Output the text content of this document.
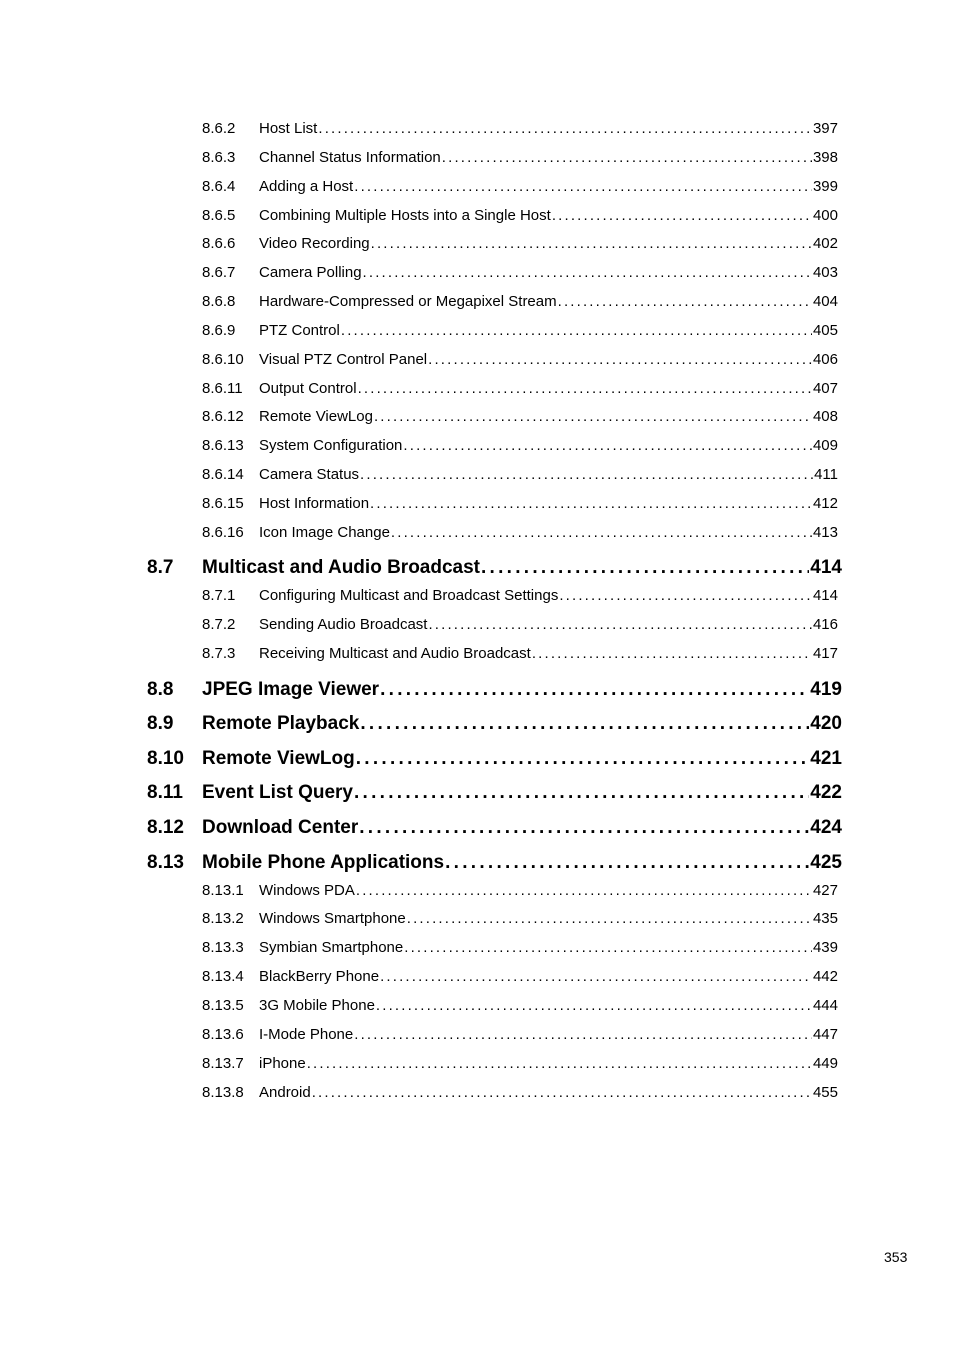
8.6.2	Host List . . .	397
8.6.3	Channel Status Information . . .	398
8.6.4	Adding a Host . . .	399
8.6.5	Combining Multiple Hosts into a Single Host . . .	400
8.6.6	Video Recording . . .	402
8.6.7	Camera Polling . . .	403
8.6.8	Hardware-Compressed or Megapixel Stream . . .	404
8.6.9	PTZ Control . . .	405
8.6.10	Visual PTZ Control Panel . . .	406
8.6.11	Output Control . . .	407
8.6.12	Remote ViewLog . . .	408
8.6.13	System Configuration . . .	409
8.6.14	Camera Status . . .	411
8.6.15	Host Information . . .	412
8.6.16	Icon Image Change . . .	413
8.7	Multicast and Audio Broadcast . . .	414
8.7.1	Configuring Multicast and Broadcast Settings . . .	414
8.7.2	Sending Audio Broadcast . . .	416
8.7.3	Receiving Multicast and Audio Broadcast . . .	417
8.8	JPEG Image Viewer . . .	419
8.9	Remote Playback . . .	420
8.10 Remote ViewLog . . .	421
8.11	Event List Query . . .	422
8.12 Download Center . . .	424
8.13 Mobile Phone Applications . . .	425
8.13.1	Windows PDA . . .	427
8.13.2	Windows Smartphone . . .	435
8.13.3	Symbian Smartphone . . .	439
8.13.4	BlackBerry Phone . . .	442
8.13.5	3G Mobile Phone . . .	444
8.13.6	I-Mode Phone . . .	447
8.13.7	iPhone . . .	449
8.13.8	Android . . .	455
353
